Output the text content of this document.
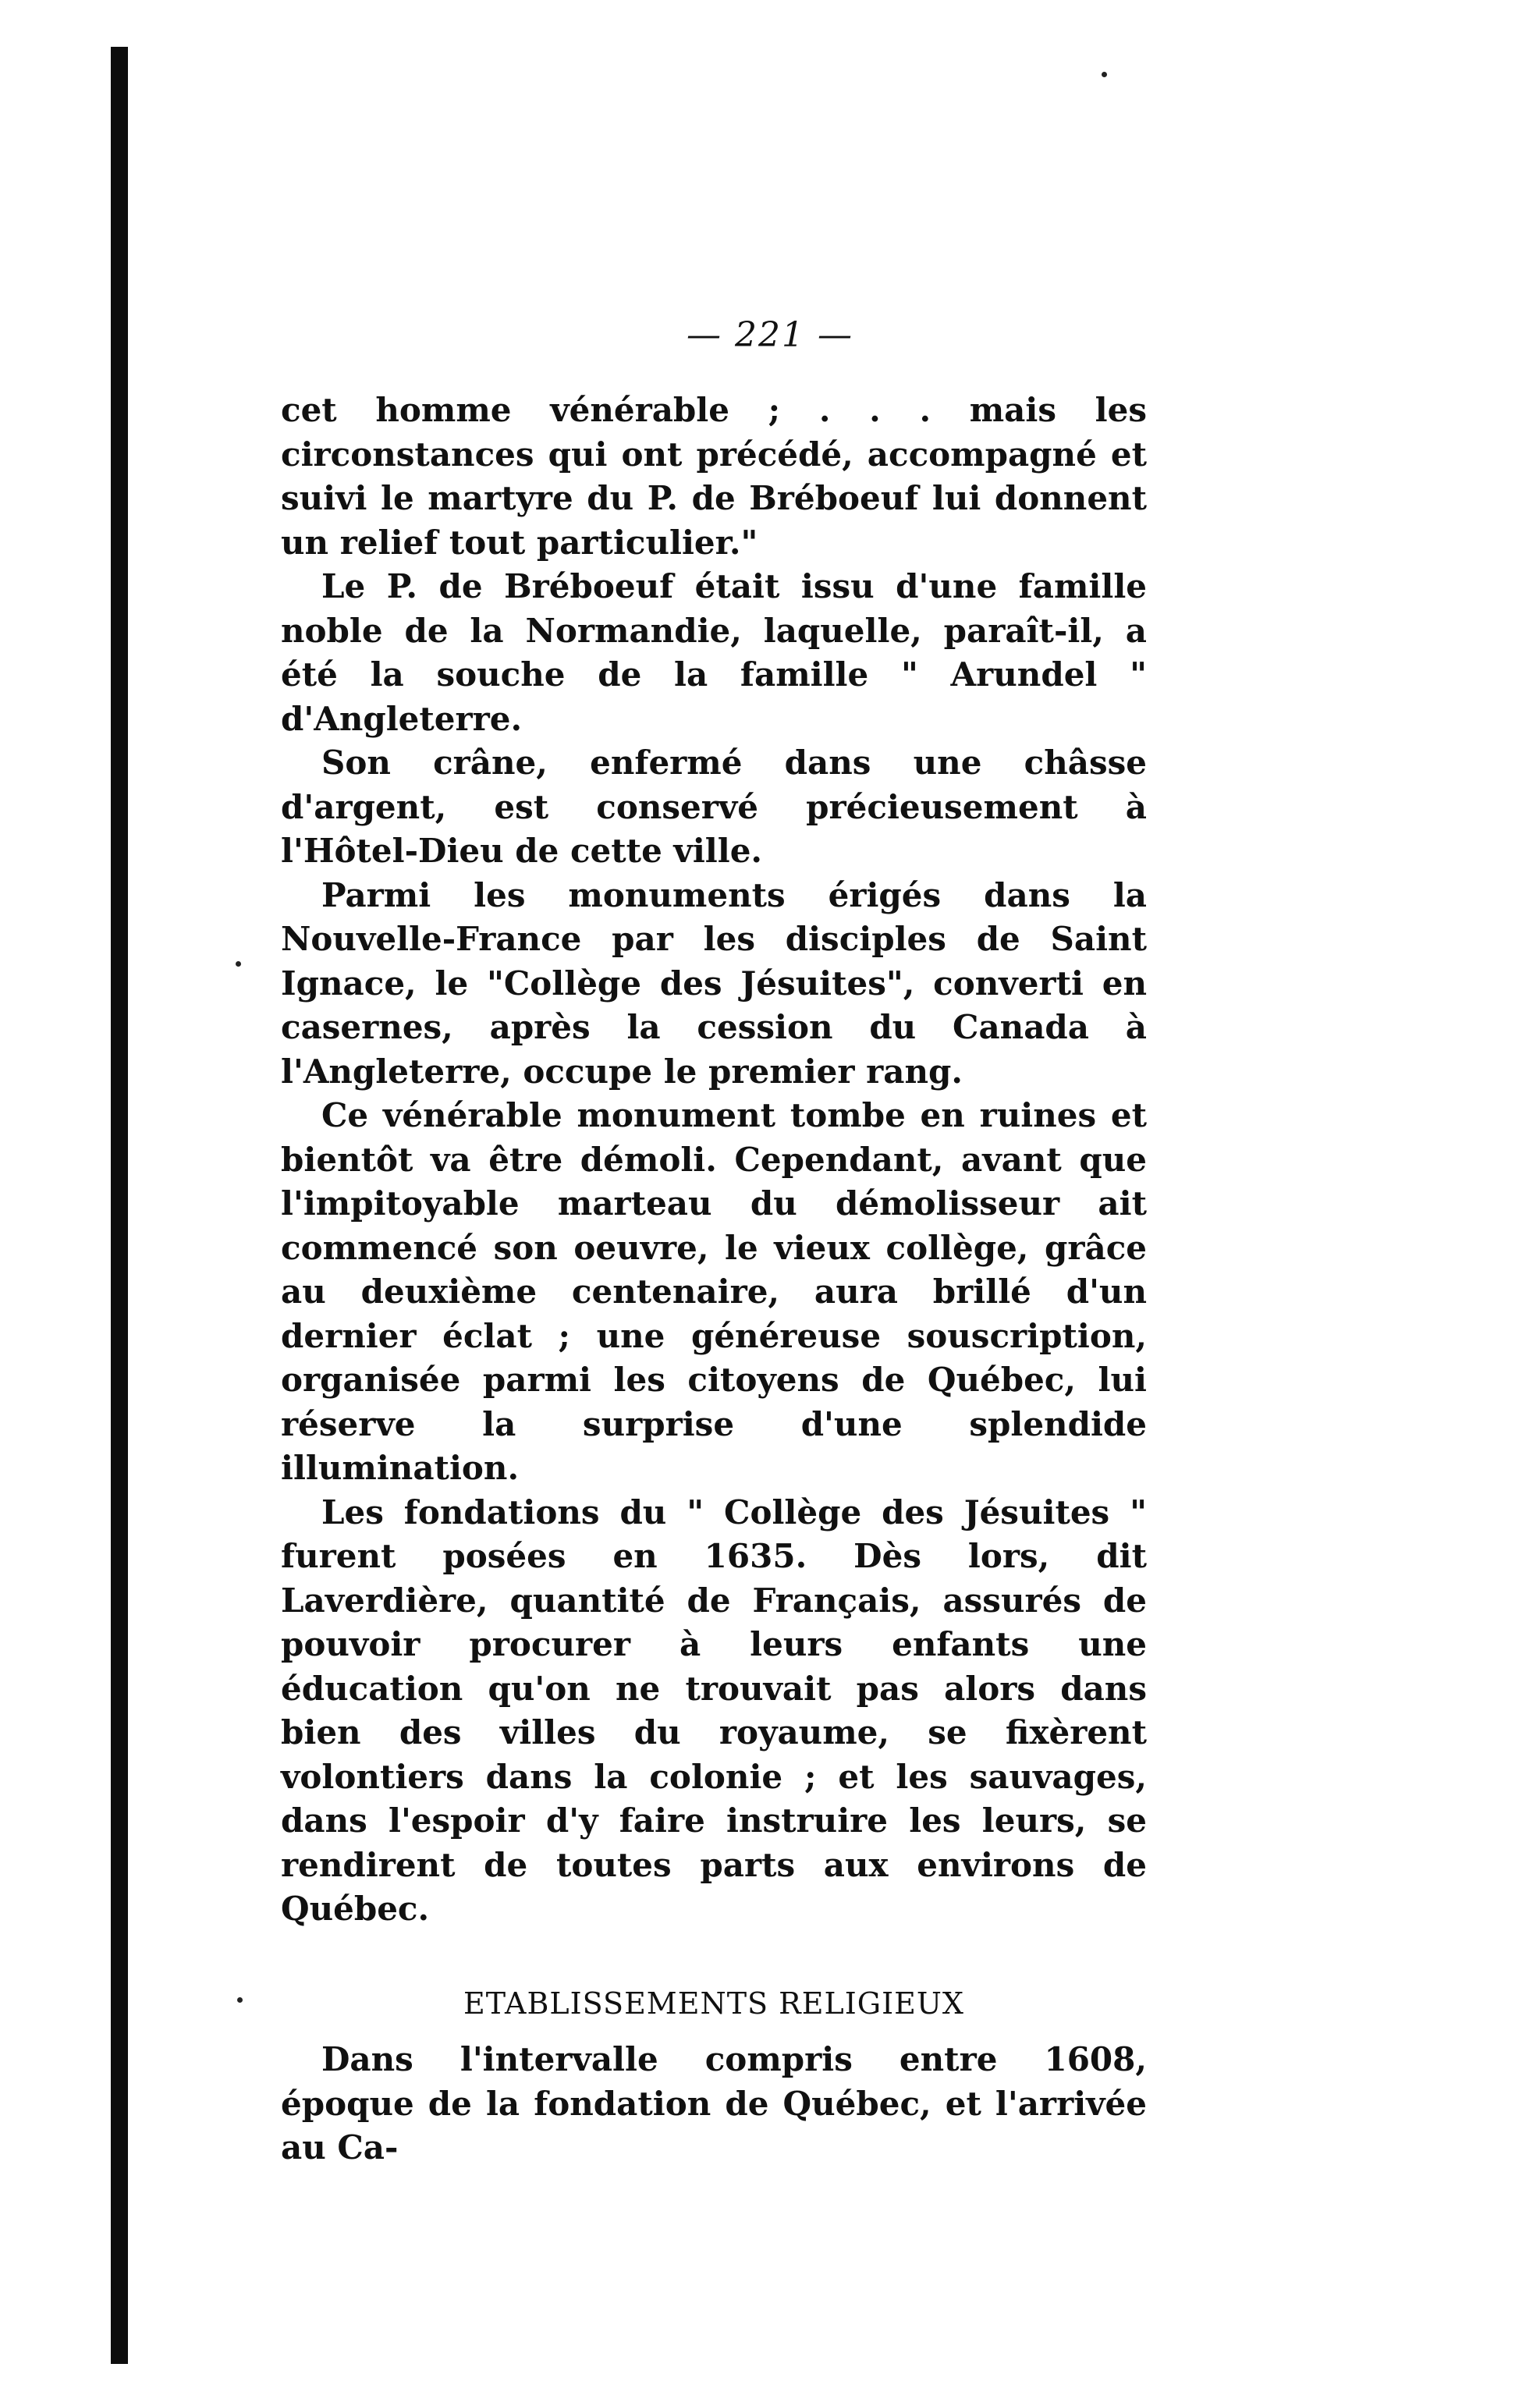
— 221 —

cet homme vénérable ; . . . mais les circonstances qui ont précédé, accompagné et suivi le martyre du P. de Bréboeuf lui donnent un relief tout particulier."

Le P. de Bréboeuf était issu d'une famille noble de la Normandie, laquelle, paraît-il, a été la souche de la famille " Arundel " d'Angleterre.

Son crâne, enfermé dans une châsse d'argent, est conservé précieusement à l'Hôtel-Dieu de cette ville.

Parmi les monuments érigés dans la Nouvelle-France par les disciples de Saint Ignace, le "Collège des Jésuites", converti en casernes, après la cession du Canada à l'Angleterre, occupe le premier rang.

Ce vénérable monument tombe en ruines et bientôt va être démoli. Cependant, avant que l'impitoyable marteau du démolisseur ait commencé son oeuvre, le vieux collège, grâce au deuxième centenaire, aura brillé d'un dernier éclat ; une généreuse souscription, organisée parmi les citoyens de Québec, lui réserve la surprise d'une splendide illumination.

Les fondations du " Collège des Jésuites " furent posées en 1635. Dès lors, dit Laverdière, quantité de Français, assurés de pouvoir procurer à leurs enfants une éducation qu'on ne trouvait pas alors dans bien des villes du royaume, se fixèrent volontiers dans la colonie ; et les sauvages, dans l'espoir d'y faire instruire les leurs, se rendirent de toutes parts aux environs de Québec.

ETABLISSEMENTS RELIGIEUX

Dans l'intervalle compris entre 1608, époque de la fondation de Québec, et l'arrivée au Ca-
